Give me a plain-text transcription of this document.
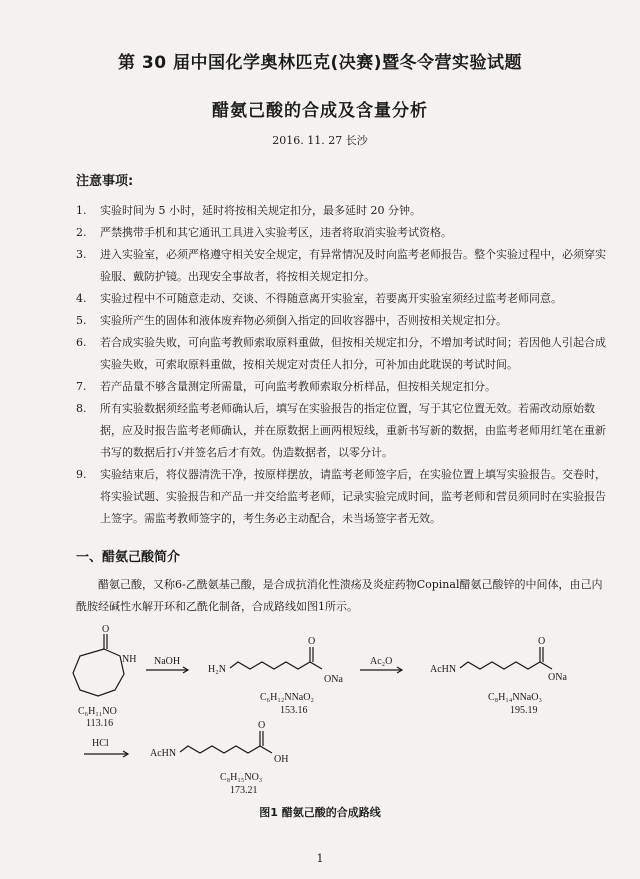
第 30 届中国化学奥林匹克(决赛)暨冬令营实验试题
醋氨己酸的合成及含量分析
2016. 11. 27 长沙
注意事项:
1. 实验时间为 5 小时，延时将按相关规定扣分，最多延时 20 分钟。
2. 严禁携带手机和其它通讯工具进入实验考区，违者将取消实验考试资格。
3. 进入实验室，必须严格遵守相关安全规定，有异常情况及时向监考老师报告。整个实验过程中，必须穿实验服、戴防护镜。出现安全事故者，将按相关规定扣分。
4. 实验过程中不可随意走动、交谈、不得随意离开实验室，若要离开实验室须经过监考老师同意。
5. 实验所产生的固体和液体废弃物必须倒入指定的回收容器中，否则按相关规定扣分。
6. 若合成实验失败，可向监考教师索取原料重做，但按相关规定扣分，不增加考试时间；若因他人引起合成实验失败，可索取原料重做，按相关规定对责任人扣分，可补加由此耽误的考试时间。
7. 若产品量不够含量测定所需量，可向监考教师索取分析样品，但按相关规定扣分。
8. 所有实验数据须经监考老师确认后，填写在实验报告的指定位置，写于其它位置无效。若需改动原始数据，应及时报告监考老师确认，并在原数据上画两根短线，重新书写新的数据，由监考老师用红笔在重新书写的数据后打√并签名后才有效。伪造数据者，以零分计。
9. 实验结束后，将仪器清洗干净，按原样摆放，请监考老师签字后，在实验位置上填写实验报告。交卷时，将实验试题、实验报告和产品一并交给监考老师，记录实验完成时间，监考老师和营员须同时在实验报告上签字。需监考教师签字的，考生务必主动配合，未当场签字者无效。
一、醋氨己酸简介

醋氨己酸，又称6-乙酰氨基己酸，是合成抗消化性溃疡及炎症药物Copinal醋氨己酸锌的中间体，由己内酰胺经碱性水解开环和乙酰化制备，合成路线如图1所示。

O
NH
C₆H₁₁NO
113.16
NaOH
H₂N
O
ONa
C₆H₁₂NNaO₂
153.16
Ac₂O
AcHN
O
ONa
C₈H₁₄NNaO₃
195.19
HCl
AcHN
O
OH
C₈H₁₅NO₃
173.21
图1 醋氨己酸的合成路线
1
